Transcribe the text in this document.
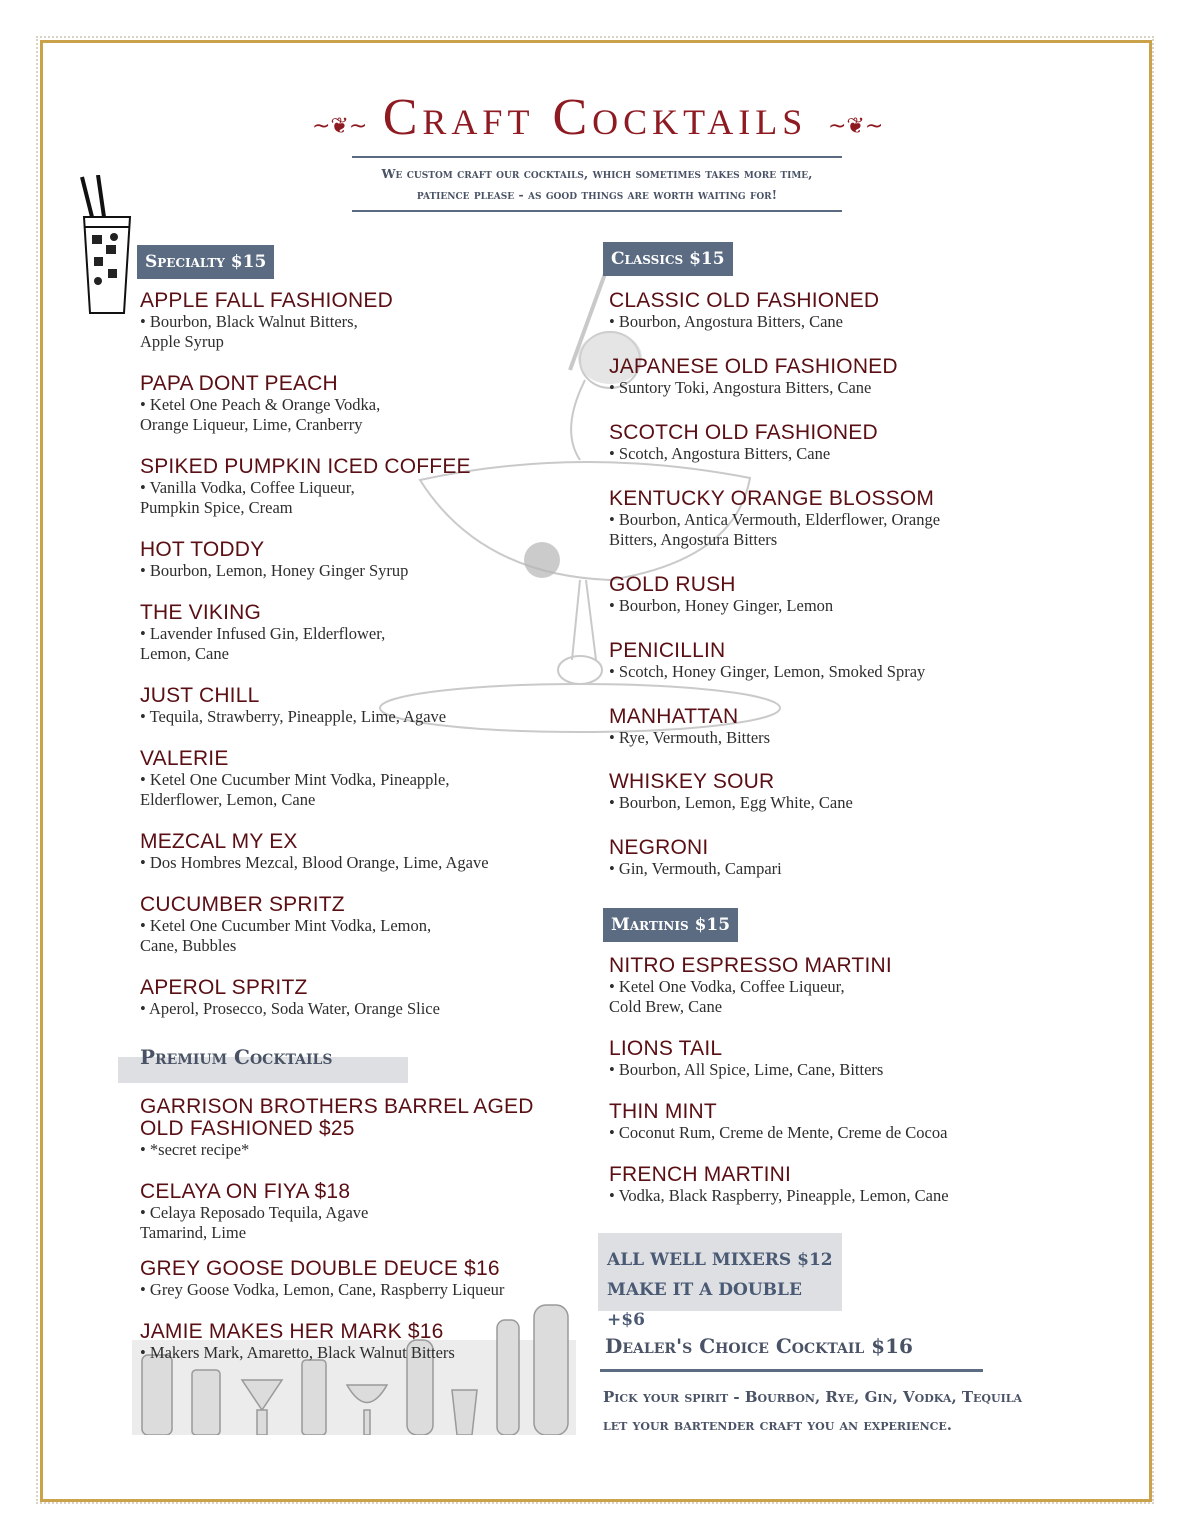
~❦~ Craft Cocktails ~❦~
We custom craft our cocktails, which sometimes takes more time,
patience please - as good things are worth waiting for!
Specialty $15
APPLE FALL FASHIONED
• Bourbon, Black Walnut Bitters,
Apple Syrup
PAPA DONT PEACH
• Ketel One Peach & Orange Vodka,
Orange Liqueur, Lime, Cranberry
SPIKED PUMPKIN ICED COFFEE
• Vanilla Vodka, Coffee Liqueur,
Pumpkin Spice, Cream
HOT TODDY
• Bourbon, Lemon, Honey Ginger Syrup
THE VIKING
• Lavender Infused Gin, Elderflower,
Lemon, Cane
JUST CHILL
• Tequila, Strawberry, Pineapple, Lime, Agave
VALERIE
• Ketel One Cucumber Mint Vodka, Pineapple,
Elderflower, Lemon, Cane
MEZCAL MY EX
• Dos Hombres Mezcal, Blood Orange, Lime, Agave
CUCUMBER SPRITZ
• Ketel One Cucumber Mint Vodka, Lemon,
Cane, Bubbles
APEROL SPRITZ
• Aperol, Prosecco, Soda Water, Orange Slice
Premium Cocktails
GARRISON BROTHERS BARREL AGED
OLD FASHIONED $25
• *secret recipe*
CELAYA ON FIYA $18
• Celaya Reposado Tequila, Agave
Tamarind, Lime
GREY GOOSE DOUBLE DEUCE $16
• Grey Goose Vodka, Lemon, Cane, Raspberry Liqueur
JAMIE MAKES HER MARK $16
• Makers Mark, Amaretto, Black Walnut Bitters
Classics $15
CLASSIC OLD FASHIONED
• Bourbon, Angostura Bitters, Cane
JAPANESE OLD FASHIONED
• Suntory Toki, Angostura Bitters, Cane
SCOTCH OLD FASHIONED
• Scotch, Angostura Bitters, Cane
KENTUCKY ORANGE BLOSSOM
• Bourbon, Antica Vermouth, Elderflower, Orange
Bitters, Angostura Bitters
GOLD RUSH
• Bourbon, Honey Ginger, Lemon
PENICILLIN
• Scotch, Honey Ginger, Lemon, Smoked Spray
MANHATTAN
• Rye, Vermouth, Bitters
WHISKEY SOUR
• Bourbon, Lemon, Egg White, Cane
NEGRONI
• Gin, Vermouth, Campari
Martinis $15
NITRO ESPRESSO MARTINI
• Ketel One Vodka, Coffee Liqueur,
Cold Brew, Cane
LIONS TAIL
• Bourbon, All Spice, Lime, Cane, Bitters
THIN MINT
• Coconut Rum, Creme de Mente, Creme de Cocoa
FRENCH MARTINI
• Vodka, Black Raspberry, Pineapple, Lemon, Cane
ALL WELL MIXERS $12
MAKE IT A DOUBLE +$6
Dealer's Choice Cocktail $16
Pick your spirit - Bourbon, Rye, Gin, Vodka, Tequila
let your bartender craft you an experience.
